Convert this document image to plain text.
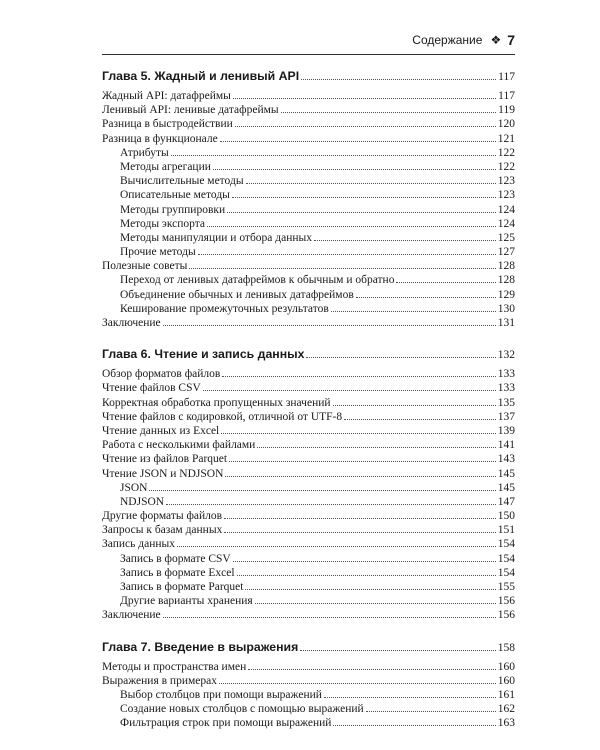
Содержание ❖ 7
Глава 5. Жадный и ленивый API	117
Жадный API: датафреймы	117
Ленивый API: ленивые датафреймы	119
Разница в быстродействии	120
Разница в функционале	121
Атрибуты	122
Методы агрегации	122
Вычислительные методы	123
Описательные методы	123
Методы группировки	124
Методы экспорта	124
Методы манипуляции и отбора данных	125
Прочие методы	127
Полезные советы	128
Переход от ленивых датафреймов к обычным и обратно	128
Объединение обычных и ленивых датафреймов	129
Кеширование промежуточных результатов	130
Заключение	131
Глава 6. Чтение и запись данных	132
Обзор форматов файлов	133
Чтение файлов CSV	133
Корректная обработка пропущенных значений	135
Чтение файлов с кодировкой, отличной от UTF-8	137
Чтение данных из Excel	139
Работа с несколькими файлами	141
Чтение из файлов Parquet	143
Чтение JSON и NDJSON	145
JSON	145
NDJSON	147
Другие форматы файлов	150
Запросы к базам данных	151
Запись данных	154
Запись в формате CSV	154
Запись в формате Excel	154
Запись в формате Parquet	155
Другие варианты хранения	156
Заключение	156
Глава 7. Введение в выражения	158
Методы и пространства имен	160
Выражения в примерах	160
Выбор столбцов при помощи выражений	161
Создание новых столбцов с помощью выражений	162
Фильтрация строк при помощи выражений	163
